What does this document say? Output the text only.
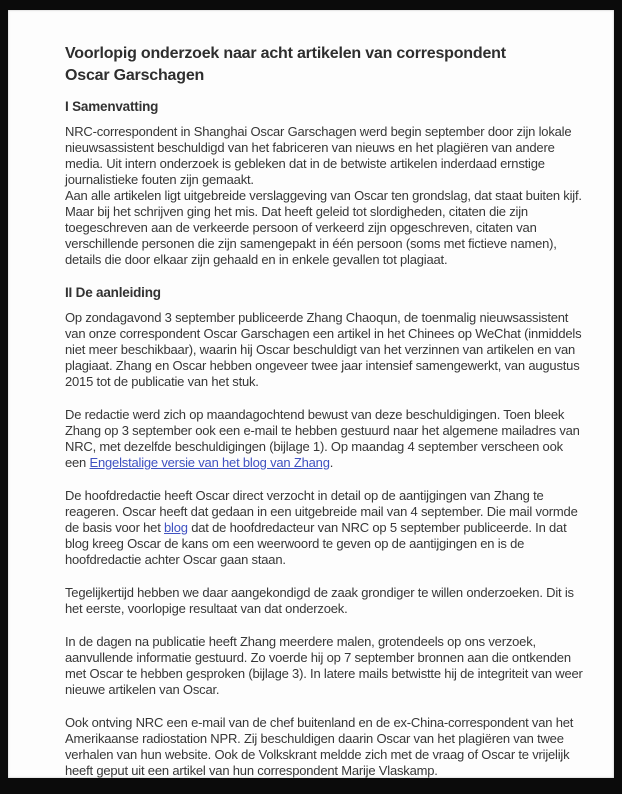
Voorlopig onderzoek naar acht artikelen van correspondent
Oscar Garschagen
I Samenvatting

NRC-correspondent in Shanghai Oscar Garschagen werd begin september door zijn lokale nieuwsassistent beschuldigd van het fabriceren van nieuws en het plagiëren van andere media. Uit intern onderzoek is gebleken dat in de betwiste artikelen inderdaad ernstige journalistieke fouten zijn gemaakt.
Aan alle artikelen ligt uitgebreide verslaggeving van Oscar ten grondslag, dat staat buiten kijf. Maar bij het schrijven ging het mis. Dat heeft geleid tot slordigheden, citaten die zijn toegeschreven aan de verkeerde persoon of verkeerd zijn opgeschreven, citaten van verschillende personen die zijn samengepakt in één persoon (soms met fictieve namen), details die door elkaar zijn gehaald en in enkele gevallen tot plagiaat.

II De aanleiding

Op zondagavond 3 september publiceerde Zhang Chaoqun, de toenmalig nieuwsassistent van onze correspondent Oscar Garschagen een artikel in het Chinees op WeChat (inmiddels niet meer beschikbaar), waarin hij Oscar beschuldigt van het verzinnen van artikelen en van plagiaat. Zhang en Oscar hebben ongeveer twee jaar intensief samengewerkt, van augustus 2015 tot de publicatie van het stuk.

De redactie werd zich op maandagochtend bewust van deze beschuldigingen. Toen bleek Zhang op 3 september ook een e-mail te hebben gestuurd naar het algemene mailadres van NRC, met dezelfde beschuldigingen (bijlage 1). Op maandag 4 september verscheen ook een Engelstalige versie van het blog van Zhang.

De hoofdredactie heeft Oscar direct verzocht in detail op de aantijgingen van Zhang te reageren. Oscar heeft dat gedaan in een uitgebreide mail van 4 september. Die mail vormde de basis voor het blog dat de hoofdredacteur van NRC op 5 september publiceerde. In dat blog kreeg Oscar de kans om een weerwoord te geven op de aantijgingen en is de hoofdredactie achter Oscar gaan staan.

Tegelijkertijd hebben we daar aangekondigd de zaak grondiger te willen onderzoeken. Dit is het eerste, voorlopige resultaat van dat onderzoek.

In de dagen na publicatie heeft Zhang meerdere malen, grotendeels op ons verzoek, aanvullende informatie gestuurd. Zo voerde hij op 7 september bronnen aan die ontkenden met Oscar te hebben gesproken (bijlage 3). In latere mails betwistte hij de integriteit van weer nieuwe artikelen van Oscar.

Ook ontving NRC een e-mail van de chef buitenland en de ex-China-correspondent van het Amerikaanse radiostation NPR. Zij beschuldigen daarin Oscar van het plagiëren van twee verhalen van hun website. Ook de Volkskrant meldde zich met de vraag of Oscar te vrijelijk heeft geput uit een artikel van hun correspondent Marije Vlaskamp.
